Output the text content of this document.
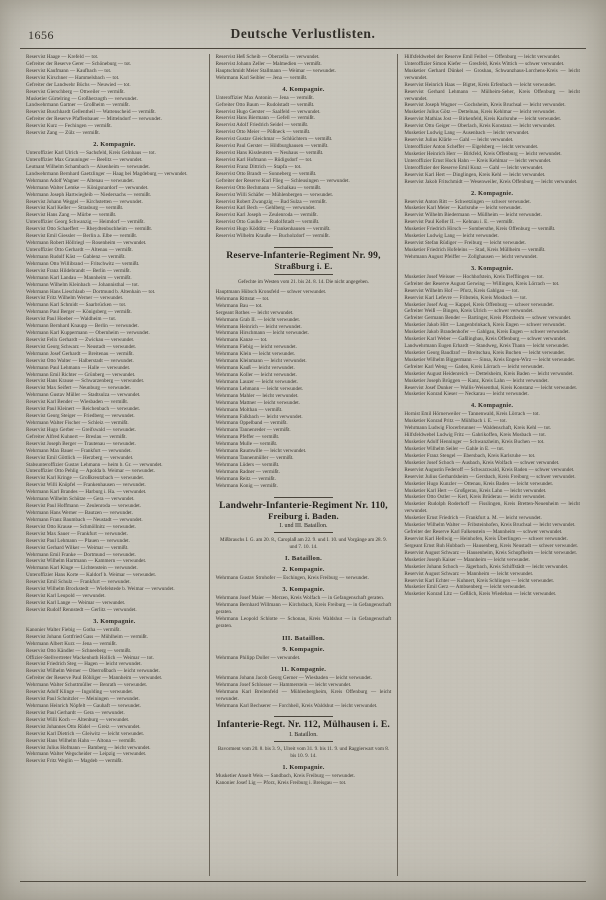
1656	Deutsche Verlustlisten.

Reservist Haage — Krefeld — tot.

Gefreiter der Reserve Gerer — Schöneburg — tot.

Reservist Kaufmann — Kaufbach — tot.

Reservist Kirschner — Hammelsbach — tot.

Gefreiter der Landwehr Büchs — Neuwied — tot.

Reservist Gierschberg — Ottweiler — vermißt.

Musketier Gürtelring — Großherzogth — verwundet.

Landwehrmann Gartner — Großheim — vermißt.

Reservist Buschhardt Gellentheil — Wattenscheid — vermißt.

Gefreiter der Reserve Pfaffenbauer — Mittelndorf — verwundet.

Reservist Kurz — Fechingen — vermißt.

Reservist Zang — Zülz — vermißt.

2. Kompagnie.

Unteroffizier Karl Ulrich — Sachsfeld, Kreis Gelnhaus — tot.

Unteroffizier Max Grauninger — Beelitz — verwundet.

Leutnant Wilhelm Schambach — Alsenheim — verwundet.

Landwehrmann Bernhard Gaetzlinger — Haag bei Magdeburg — verwundet.

Wehrmann Adolf Wagner — Altenau — verwundet.

Wehrmann Walter Lemke — Königsnardorf — verwundet.

Wehrmann Joseph Hartwiegleib — Niedersachs — vermißt.

Reservist Johann Weggel — Kirchstetten — verwundet.

Reservist Karl Keller — Strasburg — vermißt.

Reservist Hans Zang — Mürbe — vermißt.

Unteroffizier Georg Schwanzig — Heimdorf — vermißt.

Reservist Otto Schaeffert — Rheydtenbuchheim — vermißt.

Reservist Emil Giessler — Berlin a. Elbe — vermißt.

Wehrmann Robert Höllriegl — Rosenheim — verwundet.

Unteroffizier Otto Gerhardt — Altenau — vermißt.

Wehrmann Rudolf Käst — Gablenz — vermißt.

Wehrmann Otto Willibrand — Fritschwitz — vermißt.

Reservist Franz Hildebrandt — Berlin — vermißt.

Wehrmann Karl Landau — Mannheim — vermißt.

Wehrmann Wilhelm Kleinbach — Johannisthal — tot.

Wehrmann Hans Lieschlaub — Dortmund b. Altenhain — tot.

Reservist Fritz Wilhelm Werner — verwundet.

Wehrmann Karl Schmidt — Saarbrücken — tot.

Wehrmann Paul Berger — Königsberg — vermißt.

Reservist Paul Hoeber — Waldheim — tot.

Wehrmann Bernhard Knaupp — Berlin — verwundet.

Wehrmann Karl Kuppermann — Obernheim — verwundet.

Reservist Felix Gerhardt — Zwickau — verwundet.

Reservist Georg Schwarz — Neustadt — verwundet.

Wehrmann Josef Gerhardt — Breitenau — vermißt.

Reservist Otto Walter — Halberstadt — verwundet.

Wehrmann Paul Lehmann — Halle — verwundet.

Wehrmann Emil Richter — Grünberg — verwundet.

Reservist Hans Krause — Schwarzenberg — verwundet.

Reservist Max Seifert — Neunburg — verwundet.

Wehrmann Gustav Müller — Stadtsulza — verwundet.

Reservist Karl Bender — Wiesbaden — vermißt.

Reservist Paul Kleinert — Reichenbach — verwundet.

Reservist Georg Steiger — Friedberg — verwundet.

Wehrmann Walter Fischer — Schleiz — vermißt.

Reservist Hugo Gerber — Greifswald — verwundet.

Gefreiter Alfred Kuhnert — Breslau — vermißt.

Reservist Joseph Berger — Trautenau — verwundet.

Wehrmann Max Bauer — Frankfurt — verwundet.

Reservist Emil Göttlich — Herzberg — verwundet.

Stabsunteroffizier Gustav Lehmann — heim b. Gr. — verwundet.

Unteroffizier Otto Pehlig — Apolda b. Weimar — verwundet.

Reservist Karl Kringe — Großkreutzbach — verwundet.

Reservist Willi Knöpfel — Frankenhausen — verwundet.

Wehrmann Karl Brandes — Harburg i. Ha. — verwundet.

Wehrmann Wilhelm Schütze — Gera — verwundet.

Reservist Paul Hoffmann — Zeulenroda — verwundet.

Wehrmann Hans Werner — Bautzen — verwundet.

Wehrmann Franz Baumbach — Neustadt — verwundet.

Reservist Otto Krause — Schmöllnitz — verwundet.

Reservist Max Sauer — Frankfurt — verwundet.

Reservist Paul Lehmann — Plauen — verwundet.

Reservist Gerhard Wilker — Weimar — vermißt.

Wehrmann Emil Franke — Dortmund — verwundet.

Reservist Wilhelm Hartmann — Kammern — verwundet.

Wehrmann Karl Kluge — Lichtenstein — verwundet.

Unteroffizier Hans Korte — Kaldorf b. Weimar — verwundet.

Reservist Emil Schulz — Frankfurt — verwundet.

Reservist Wilhelm Brockstedt — Wiefelstede b. Weimar — verwundet.

Reservist Karl Leupold — verwundet.

Reservist Karl Lange — Weimar — verwundet.

Reservist Rudolf Rennstedt — Gerlitz — verwundet.

3. Kompagnie.

Kanonier Walter Fiebig — Gotha — vermißt.

Reservist Johann Gottfried Gass — Mühlheim — vermißt.

Wehrmann Albert Kurz — Jena — vermißt.

Reservist Otto Kändler — Schneeberg — vermißt.

Offizier-Stellvertreter Wackenhuth Hollich — Weimar — tot.

Reservist Friedrich Steg — Hagen — leicht verwundet.

Reservist Wilhelm Werner — Oberroßbach — leicht verwundet.

Gefreiter der Reserve Paul Böhliger — Mannheim — verwundet.

Wehrmann Walter Schottmüller — Benrath — verwundet.

Reservist Adolf Klinge — Ingolding — verwundet.

Reservist Paul Schnitzler — Meiningen — verwundet.

Wehrmann Heinrich Nöpfelt — Gauhaft — verwundet.

Reservist Paul Gerhardt — Gera — verwundet.

Reservist Willi Koch — Altenburg — verwundet.

Reservist Johannes Otto Rüdel — Greiz — verwundet.

Reservist Karl Dietrich — Gleiwitz — leicht verwundet.

Reservist Hans Wilhelm Hahn — Altona — vermißt.

Reservist Julius Hofmann — Bamberg — leicht verwundet.

Wehrmann Walter Wegscheider — Leipzig — verwundet.

Reservist Fritz Weglin — Magdeb — vermißt.

Reservist Heß Scheib — Oberzella — verwundet.

Reservist Johann Zeller — Malmedien — vermißt.

Hauptschmidt Meier Stallmann — Weimar — verwundet.

Wehrmann Karl Seibler — Jena — vermißt.

4. Kompagnie.

Unteroffizier Max Antonin — Jena — vermißt.

Gefreiter Otto Baum — Rudolstadt — vermißt.

Reservist Hugo Gerster — Saalfeld — verwundet.

Reservist Hans Biermann — Gefell — vermißt.

Reservist Adolf Friedrich Seidel — vermißt.

Reservist Otto Meier — Pößneck — vermißt.

Reservist Gustav Gleichmar — Schlüchtern — vermißt.

Reservist Paul Gerster — Hildburghausen — vermißt.

Reservist Hans Kissleutern — Neuhaus — vermißt.

Reservist Karl Hofmann — Rüdigsdorf — tot.

Reservist Franz Dittrich — Stapfa — tot.

Reservist Otto Brandt — Sonneberg — vermißt.

Gefreiter der Reserve Karl Flieg — Schleusingen — verwundet.

Reservist Otto Bechmann — Schalkau — vermißt.

Reservist Willi Schäfer — Mühlenbergen — verwundet.

Reservist Robert Zwangzig — Bad Sulza — vermißt.

Reservist Karl Bech — Gehlberg — verwundet.

Reservist Karl Joseph — Zeulenroda — vermißt.

Reservist Otto Gaulke — Rudolfstadt — vermißt.

Reservist Hugo Ködditz — Frankenhausen — vermißt.

Reservist Wilhelm Krauße — Bucholzdorf — vermißt.

Reserve-Infanterie-Regiment Nr. 99,
Straßburg i. E.
Gefechte im Westen vom 21. bis 24. 8. 14. Die nicht angegeben.

Hauptmann Hübsch Kronsfeld — schwer verwundet.

Wehrmann Rittstat — tot.

Wehrmann Bau — tot.

Sergeant Rothes — leicht verwundet.

Wehrmann Grab II. — leicht verwundet.

Wehrmann Heinrich — leicht verwundet.

Wehrmann Hirschmann — leicht verwundet.

Wehrmann Kanze — tot.

Wehrmann Fiebig — leicht verwundet.

Wehrmann Klein — leicht verwundet.

Wehrmann Kleinmann — leicht verwundet.

Wehrmann Kauß — leicht verwundet.

Wehrmann Koller — leicht verwundet.

Wehrmann Lauzer — leicht verwundet.

Wehrmann Lehmann — leicht verwundet.

Wehrmann Mahler — leicht verwundet.

Wehrmann Mattner — leicht verwundet.

Wehrmann Molthan — vermißt.

Wehrmann Falkbach — leicht verwundet.

Wehrmann Oppelband — vermißt.

Wehrmann Tannenreder — vermißt.

Wehrmann Pfeffer — vermißt.

Wehrmann Mulle — vermißt.

Wehrmann Raumwille — leicht verwundet.

Wehrmann Tannenmüller — vermißt.

Wehrmann Lüders — vermißt.

Wehrmann Radner — vermißt.

Wehrmann Reitz — vermißt.

Wehrmann Konig — vermißt.

Landwehr-Infanterie-Regiment Nr. 110,
Freiburg i. Baden.
I. und III. Bataillon.
Mißbrauchs I. G. am 20. 8., Caroplaß am 22. 9. und I. 10. und Vorgänge am 28. 9. und 7. 10. 14.
I. Bataillon.
2. Kompagnie.

Wehrmann Gustav Strohofer — Eschingen, Kreis Freiburg — verwundet.

3. Kompagnie.

Wehrmann Josef Maier — Merzen, Kreis Wolfach — in Gefangenschaft geraten.

Wehrmann Bernhard Willmann — Kirchsbach, Kreis Freiburg — in Gefangenschaft geraten.

Wehrmann Leopold Schlotte — Schonau, Kreis Waldshut — in Gefangenschaft geraten.

III. Bataillon.
9. Kompagnie.

Wehrmann Philipp Doller — verwundet.

11. Kompagnie.

Wehrmann Johann Jacob Georg Gerner — Wiesbaden — leicht verwundet.

Wehrmann Josef Schlosser — Hammerstein — leicht verwundet.

Wehrmann Karl Breitenfeld — Mühlenbergheim, Kreis Offenburg — leicht verwundet.

Wehrmann Karl Bechserer — Forchheil, Kreis Waldshut — leicht verwundet.

Infanterie-Regt. Nr. 112, Mülhausen i. E.
I. Bataillon.
Bavorment vom 20. 8. bis 3. 9., Ulreit vom 31. 9. bis 11. 9. und Raggierwart vom 8. bis 10. 9. 14.
1. Kompagnie.

Musketier Anselt Weis — Sandbach, Kreis Freiburg — verwundet.

Kanonier Josef Lig — Pforz, Kreis Freiburg i. Breisgau — tot.

Hilfsfeldwebel der Reserve Emil Feibel — Offenburg — leicht verwundet.

Unteroffizier Simon Kiefer — Gresfeld, Kreis Wittich — schwer verwundet.

Musketier Gerhard Dünkel — Groshau, Schwanzhaus-Lorchens-Kreis — leicht verwundet.

Reservist Heinrich Haas — Bigtet, Kreis Erfenbach — leicht verwundet.

Reservist Gerhard Lehmann — Mülheim-Seher, Kreis Offenburg — leicht verwundet.

Reservist Joseph Wagner — Gochsheim, Kreis Bruchsal — leicht verwundet.

Musketier Julius Götz — Dettelnau, Kreis Kehlmar — leicht verwundet.

Reservist Mathias Jost — Birkenfeld, Kreis Karlsruhe — leicht verwundet.

Reservist Otto Geiger — Oberlach, Kreis Konstanz — leicht verwundet.

Musketier Ludwig Lang — Ausenbach — leicht verwundet.

Reservist Julius Klärle — Gahl — leicht verwundet.

Unteroffizier Anton Scheffer — Eigelsberg — leicht verwundet.

Musketier Heinrich Herr — Birkfeld, Kreis Offenburg — leicht verwundet.

Unteroffizier Ernst Hock Hahn — Kreis Kehlmar — leicht verwundet.

Unteroffizier der Reserve Emil Kunz — Gahl — leicht verwundet.

Reservist Karl Hert — Dinglingen, Kreis Kehl — leicht verwundet.

Reservist Jakob Fritschmidt — Wesenweiler, Kreis Offenburg — leicht verwundet.

2. Kompagnie.

Reservist Anton Ritt — Schwetzingen — schwer verwundet.

Musketier Karl Meier — Karlsruhe — leicht verwundet.

Reservist Wilhelm Biedermann — Müllheim — leicht verwundet.

Reservist Paul Keller II. — Kehnau i. E. — vermißt.

Musketier Friedrich Hirsch — Sombersthe, Kreis Offenburg — vermißt.

Musketier Ludwig Lang — leicht verwundet.

Reservist Stefan Rüdiger — Freiburg — leicht verwundet.

Musketier Friedrich Hofeleins — Stad, Kreis Müllheim — vermißt.

Wehrmann August Pfeiffer — Zollghausen — leicht verwundet.

3. Kompagnie.

Musketier Josef Weisser — Hochhofstein, Kreis Tiefflingen — tot.

Gefreiter der Reserve August Gerwing — Willingen, Kreis Lörrach — tot.

Reservist Wilhelm Hof — Pforz, Kreis Gahlgau — tot.

Reservist Karl Lefevre — Fribstein, Kreis Mosbach — tot.

Musketier Josef Aug — Kappel, Kreis Offenburg — schwer verwundet.

Gefreiter Weiß — Bingen, Kreis Ulrich — schwer verwundet.

Gefreiter Germann Bender — Bartinger, Kreis Pforzheim — schwer verwundet.

Musketier Jakob Hirt — Langenbrinkach, Kreis Engen — schwer verwundet.

Musketier Jakob Brandenhofer — Gahlgau, Kreis Engen — schwer verwundet.

Musketier Karl Weber — Gaßlinghau, Kreis Offenburg — schwer verwundet.

Landwehrmann Eugen Erhardt — Standweg, Kreis Thann — leicht verwundet.

Musketier Georg Baudlzof — Breitschau, Kreis Buchen — leicht verwundet.

Musketier Wilhelm Biggermann — Sinsa, Kreis Engen-Wirz — leicht verwundet.

Gefreiter Karl Weng — Gaden, Kreis Lörrach — leicht verwundet.

Musketier August Heidenreich — Dettelsheim, Kreis Baden — leicht verwundet.

Musketier Joseph Brüggen — Kanz, Kreis Lahn — leicht verwundet.

Reservist Josef Dunker — Wallis-Weisenthal, Kreis Konstanz — leicht verwundet.

Musketier Konrad Kieser — Neckarau — leicht verwundet.

4. Kompagnie.

Hornist Emil Hörnerweiler — Tannenwald, Kreis Lörrach — tot.

Musketier Konrad Pritz — Mühlbach i. E. — tot.

Wehrmann Ludwig Flocerbrunner — Waldenschaft, Kreis Kehl — tot.

Hilfsfeldwebel Ludwig Fritz — Gahrikoffen, Kreis Mosbach — tot.

Musketier Adolf Henninger — Schwanzheim, Kreis Buchen — tot.

Musketier Wilhelm Seiler — Gahle in E. — tot.

Musketier Franz Stengel — Ebersbach, Kreis Karlsruhe — tot.

Musketier Josef Schoch — Ausbach, Kreis Wolfach — schwer verwundet.

Reservist Augustin Federoff — Schwarzwald, Kreis Baden — schwer verwundet.

Reservist Julius Gerhardsheim — Gersbach, Kreis Freiburg — schwer verwundet.

Musketier Hugo Kunzler — Ottenau, Kreis Baden — leicht verwundet.

Musketier Karl Hert — Großgerau, Kreis Lahn — leicht verwundet.

Musketier Otto Ostler — Kerl, Kreis Brüderau — leicht verwundet.

Musketier Rudolph Roderhoff — Fisslingen, Kreis Bretten-Neuenheim — leicht verwundet.

Musketier Ernst Friedrich — Frankfurt a. M. — leicht verwundet.

Musketier Wilhelm Walter — Fribsteinhofen, Kreis Bruchsal — leicht verwundet.

Gefreiter der Reserve Karl Falkenstein — Mannheim — schwer verwundet.

Reservist Karl Hellwig — Heinhofen, Kreis Überlingen — schwer verwundet.

Sergeant Ernst Ruh Hubbach — Hausenberg, Kreis Neustadt — schwer verwundet.

Reservist August Schwarz — Hausenheim, Kreis Schopfheim — leicht verwundet.

Musketier Joseph Kaiser — Mannheim — leicht verwundet.

Musketier Johann Schoch — Jägerbach, Kreis Schiffstädt — leicht verwundet.

Reservist August Schwarz — Mannheim — leicht verwundet.

Reservist Karl Echter — Kuhnert, Kreis Schlingen — leicht verwundet.

Musketier Emil Gerz — Ambsenberg — leicht verwundet.

Musketier Konrad Litz — Geßlich, Kreis Wiedebau — leicht verwundet.
